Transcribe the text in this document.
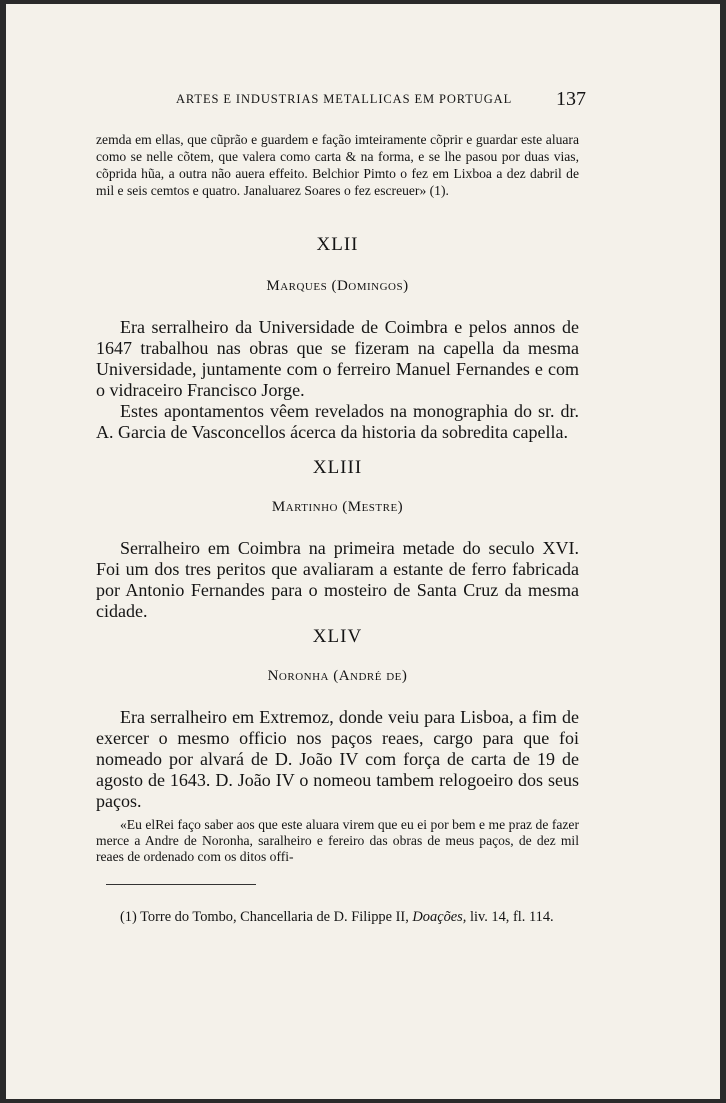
ARTES E INDUSTRIAS METALLICAS EM PORTUGAL 137

zemda em ellas, que cũprão e guardem e fação imteiramente cõprir e guardar este aluara como se nelle cõtem, que valera como carta & na forma, e se lhe pasou por duas vias, cõprida hũa, a outra não auera effeito. Belchior Pimto o fez em Lixboa a dez dabril de mil e seis cemtos e quatro. Janaluarez Soares o fez escreuer» (1).

XLII
Marques (Domingos)

Era serralheiro da Universidade de Coimbra e pelos annos de 1647 trabalhou nas obras que se fizeram na capella da mesma Universidade, juntamente com o ferreiro Manuel Fernandes e com o vidraceiro Francisco Jorge.

Estes apontamentos vêem revelados na monographia do sr. dr. A. Garcia de Vasconcellos ácerca da historia da sobredita capella.

XLIII
Martinho (Mestre)

Serralheiro em Coimbra na primeira metade do seculo XVI. Foi um dos tres peritos que avaliaram a estante de ferro fabricada por Antonio Fernandes para o mosteiro de Santa Cruz da mesma cidade.

XLIV
Noronha (André de)

Era serralheiro em Extremoz, donde veiu para Lisboa, a fim de exercer o mesmo officio nos paços reaes, cargo para que foi nomeado por alvará de D. João IV com força de carta de 19 de agosto de 1643. D. João IV o nomeou tambem relogoeiro dos seus paços.

«Eu elRei faço saber aos que este aluara virem que eu ei por bem e me praz de fazer merce a Andre de Noronha, saralheiro e fereiro das obras de meus paços, de dez mil reaes de ordenado com os ditos offi-

(1) Torre do Tombo, Chancellaria de D. Filippe II, Doações, liv. 14, fl. 114.
